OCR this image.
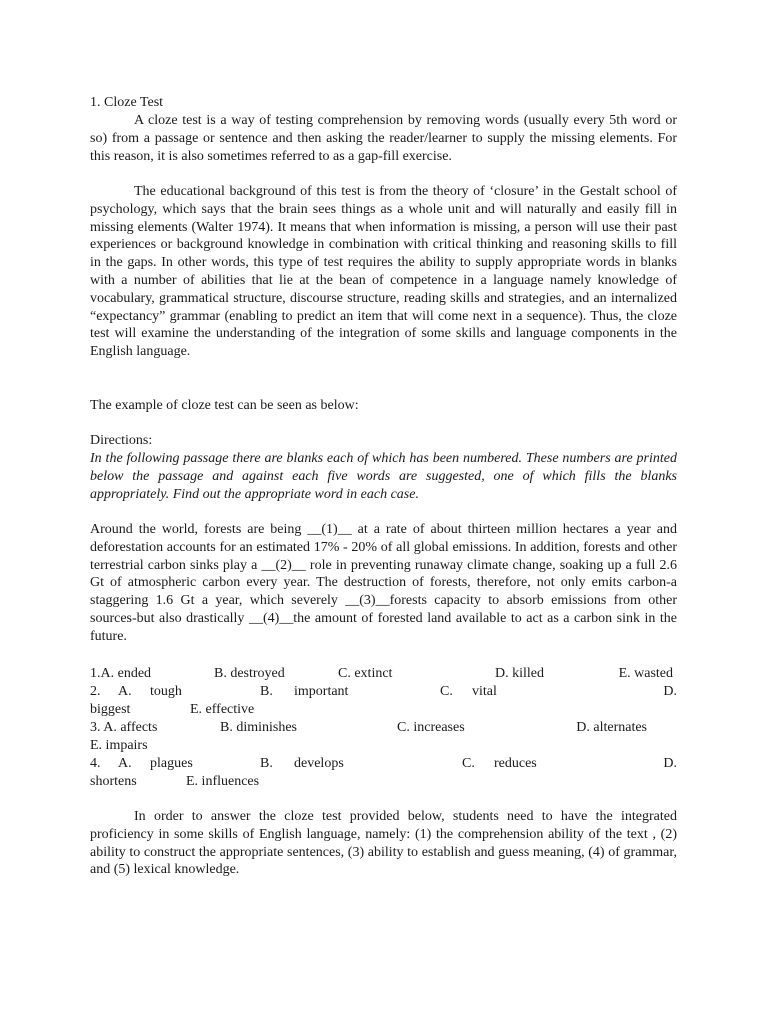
1. Cloze Test

A cloze test is a way of testing comprehension by removing words (usually every 5th word or so) from a passage or sentence and then asking the reader/learner to supply the missing elements. For this reason, it is also sometimes referred to as a gap-fill exercise.

The educational background of this test is from the theory of ‘closure’ in the Gestalt school of psychology, which says that the brain sees things as a whole unit and will naturally and easily fill in missing elements (Walter 1974). It means that when information is missing, a person will use their past experiences or background knowledge in combination with critical thinking and reasoning skills to fill in the gaps. In other words, this type of test requires the ability to supply appropriate words in blanks with a number of abilities that lie at the bean of competence in a language namely knowledge of vocabulary, grammatical structure, discourse structure, reading skills and strategies, and an internalized “expectancy” grammar (enabling to predict an item that will come next in a sequence). Thus, the cloze test will examine the understanding of the integration of some skills and language components in the English language.

The example of cloze test can be seen as below:

Directions:

In the following passage there are blanks each of which has been numbered. These numbers are printed below the passage and against each five words are suggested, one of which fills the blanks appropriately. Find out the appropriate word in each case.

Around the world, forests are being __(1)__ at a rate of about thirteen million hectares a year and deforestation accounts for an estimated 17% - 20% of all global emissions. In addition, forests and other terrestrial carbon sinks play a __(2)__ role in preventing runaway climate change, soaking up a full 2.6 Gt of atmospheric carbon every year. The destruction of forests, therefore, not only emits carbon-a staggering 1.6 Gt a year, which severely __(3)__forests capacity to absorb emissions from other sources-but also drastically __(4)__the amount of forested land available to act as a carbon sink in the future.

1.A. ended	B. destroyed	C. extinct	D. killed	E. wasted
2. A. tough	B. important	C. vital	D.
biggest	E. effective
3. A. affects	B. diminishes	C. increases	D. alternates
E. impairs
4. A. plagues	B. develops	C. reduces	D.
shortens	E. influences

In order to answer the cloze test provided below, students need to have the integrated proficiency in some skills of English language, namely: (1) the comprehension ability of the text , (2) ability to construct the appropriate sentences, (3) ability to establish and guess meaning, (4) of grammar, and (5) lexical knowledge.
